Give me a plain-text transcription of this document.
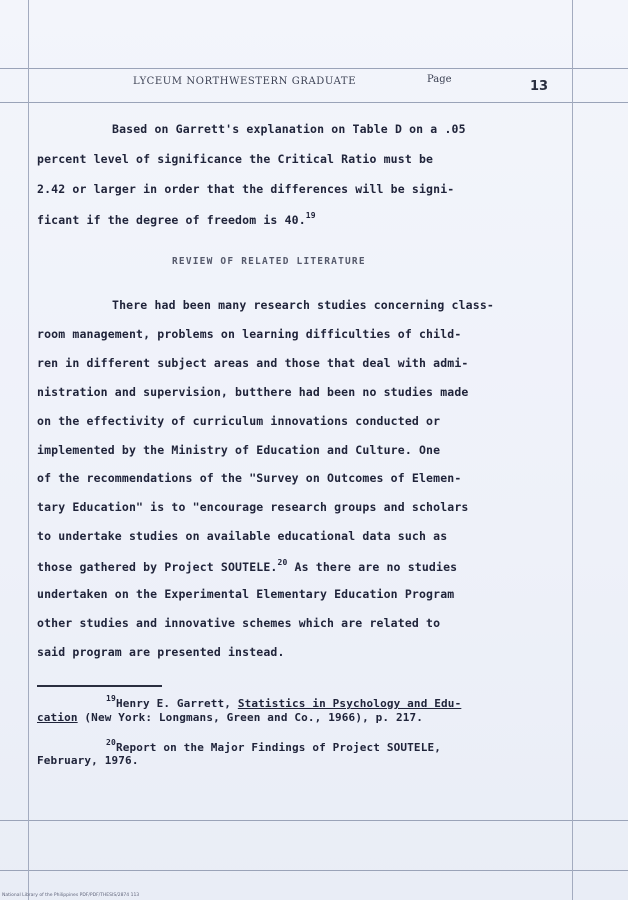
LYCEUM NORTHWESTERN GRADUATE	Page	13
Based on Garrett's explanation on Table D on a .05
percent level of significance the Critical Ratio must be
2.42 or larger in order that the differences will be signi-
ficant if the degree of freedom is 40.19
REVIEW OF RELATED LITERATURE
There had been many research studies concerning class-
room management, problems on learning difficulties of child-
ren in different subject areas and those that deal with admi-
nistration and supervision, butthere had been no studies made
on the effectivity of curriculum innovations conducted or
implemented by the Ministry of Education and Culture. One
of the recommendations of the "Survey on Outcomes of Elemen-
tary Education" is to "encourage research groups and scholars
to undertake studies on available educational data such as
those gathered by Project SOUTELE.$^{20}$ As there are no studies
undertaken on the Experimental Elementary Education Program
other studies and innovative schemes which are related to
said program are presented instead.
$^{19}$Henry E. Garrett, Statistics in Psychology and Edu-
cation (New York: Longmans, Green and Co., 1966), p. 217.
$^{20}$Report on the Major Findings of Project SOUTELE,
February, 1976.
National Library of the Philippines PDF/PDF/THESIS/2874 113
